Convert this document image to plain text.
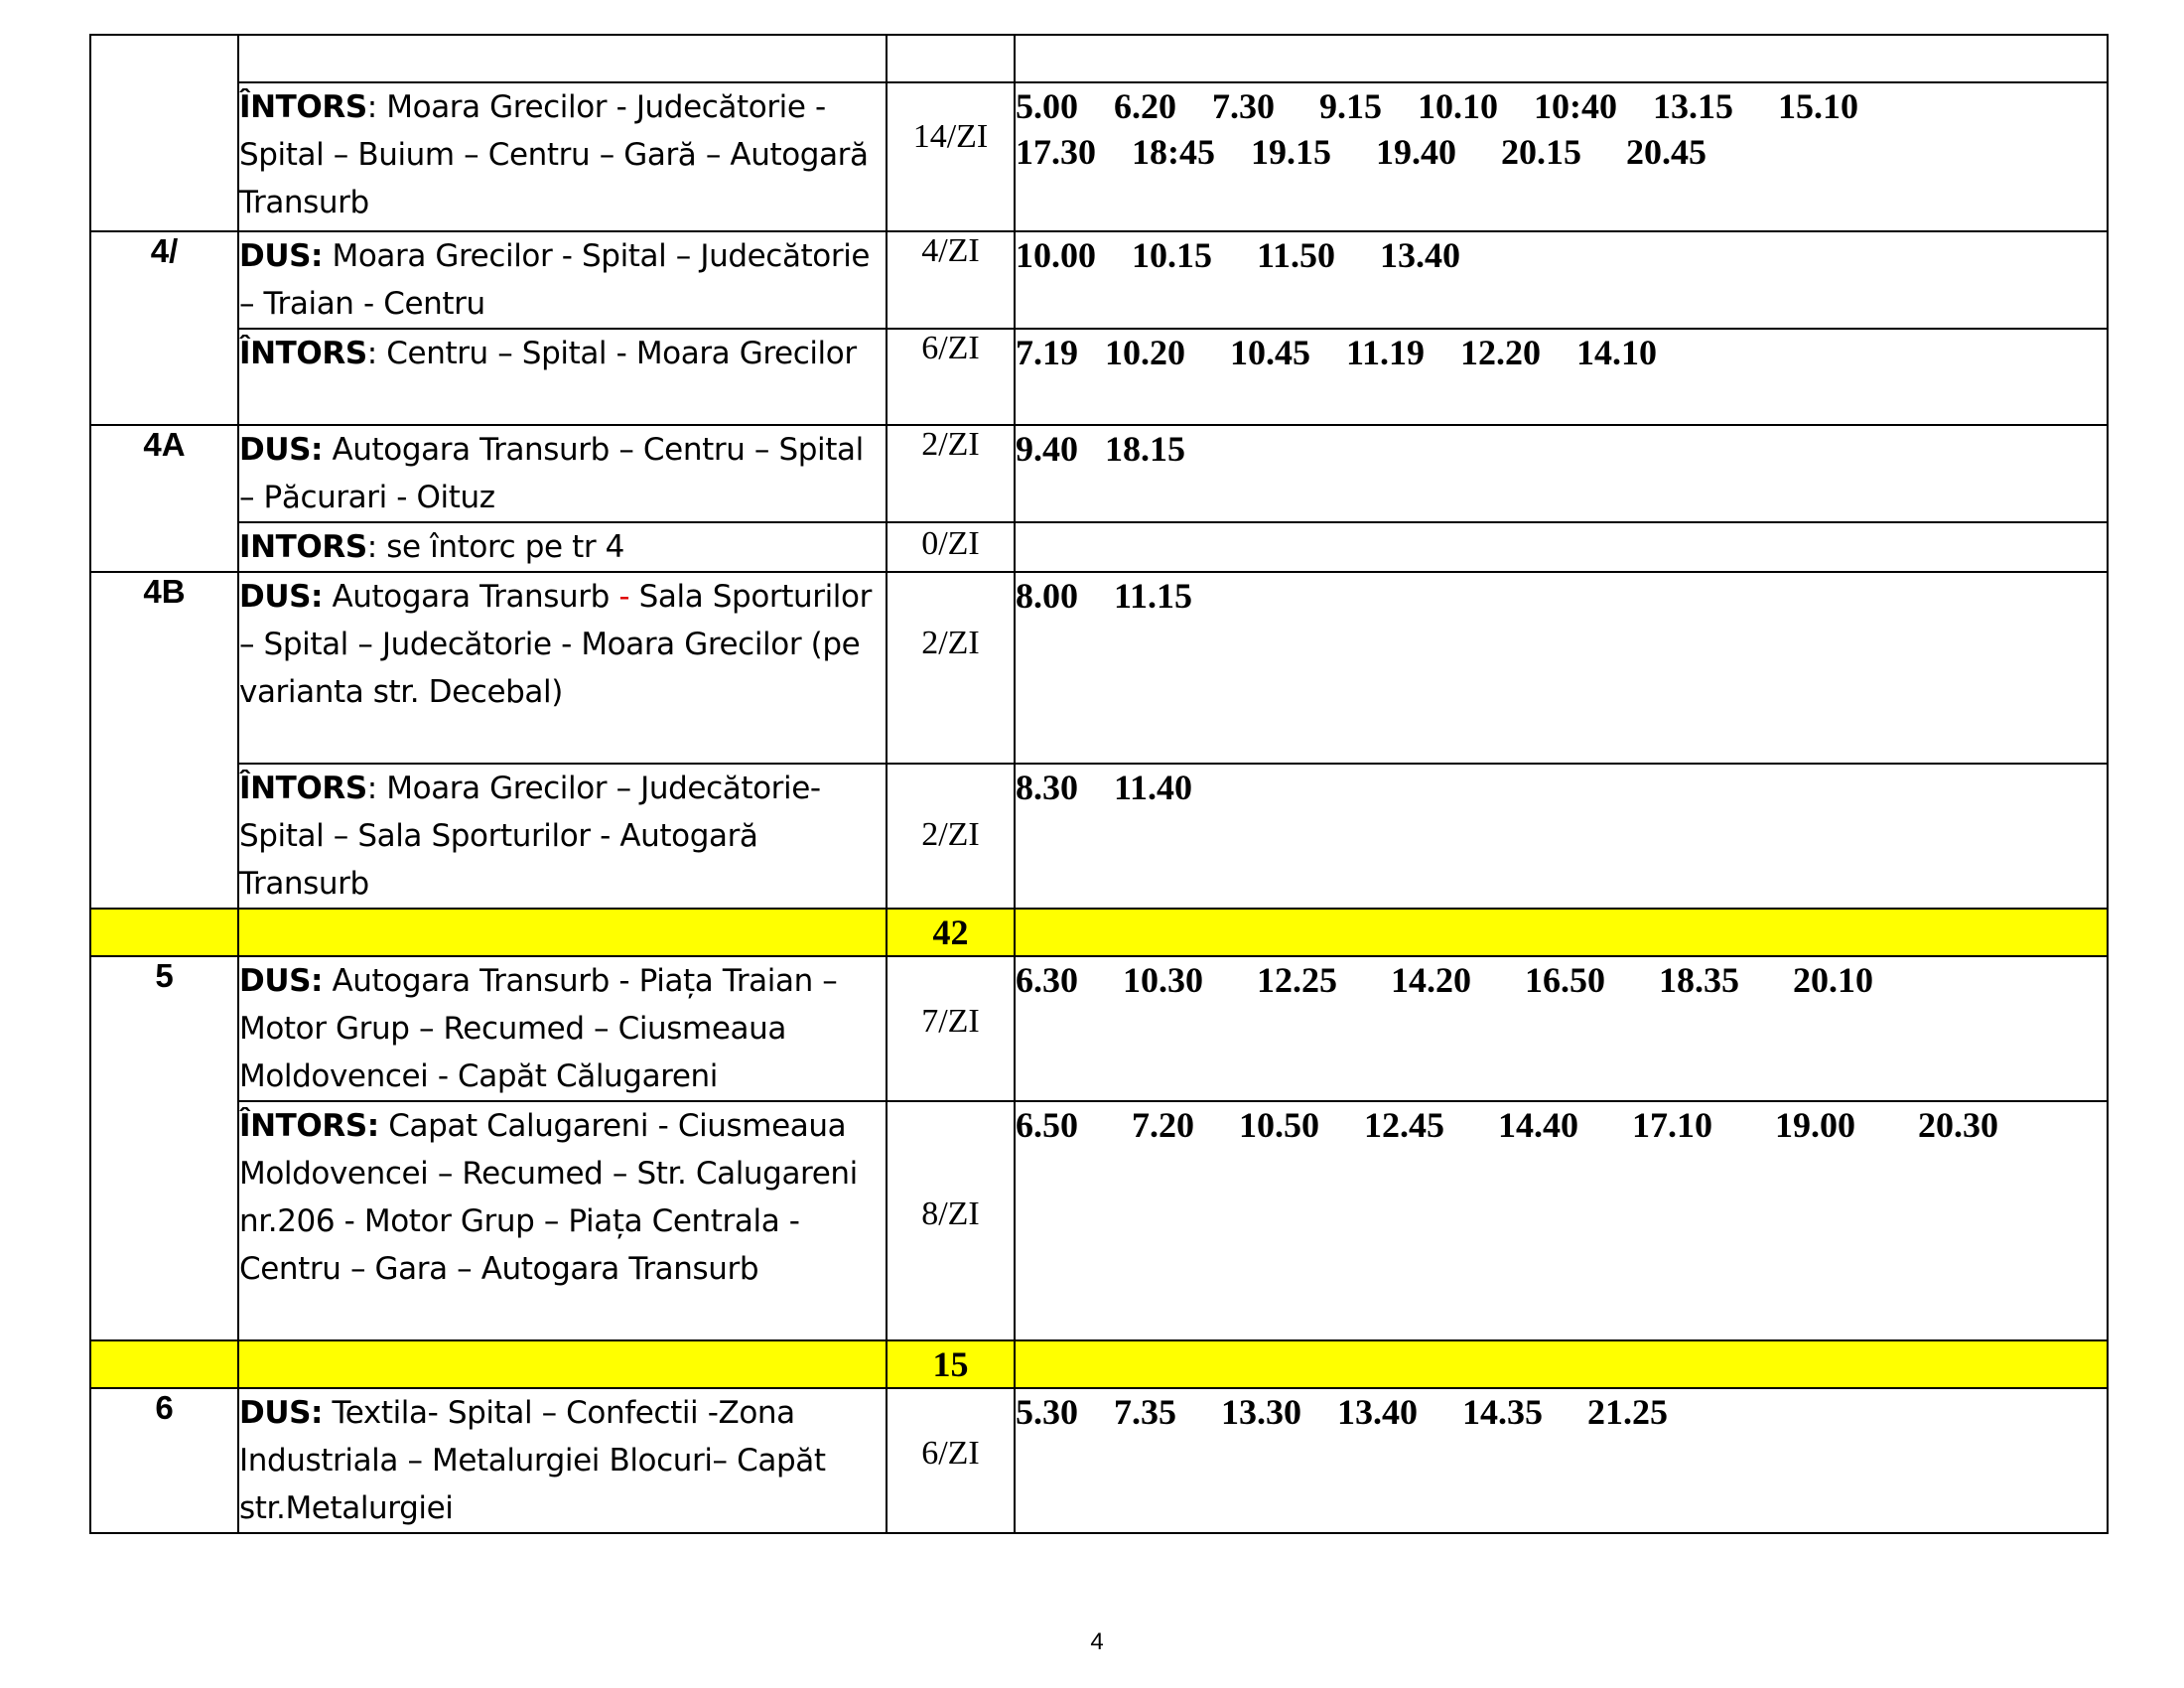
	ÎNTORS: Moara Grecilor - Judecătorie - Spital – Buium – Centru – Gară – Autogară Transurb	14/ZI	5.00    6.20    7.30     9.15    10.10    10:40    13.15     15.10
17.30    18:45    19.15     19.40     20.15     20.45
4/	DUS: Moara Grecilor - Spital – Judecătorie – Traian - Centru	4/ZI	10.00    10.15     11.50     13.40
	ÎNTORS: Centru – Spital - Moara Grecilor	6/ZI	7.19   10.20     10.45    11.19    12.20    14.10
4A	DUS: Autogara Transurb – Centru – Spital – Păcurari - Oituz	2/ZI	9.40   18.15
	INTORS: se întorc pe tr 4	0/ZI	
4B	DUS: Autogara Transurb - Sala Sporturilor – Spital – Judecătorie - Moara Grecilor (pe varianta str. Decebal)	2/ZI	8.00    11.15
	ÎNTORS: Moara Grecilor – Judecătorie- Spital – Sala Sporturilor - Autogară Transurb	2/ZI	8.30    11.40
		42	
5	DUS: Autogara Transurb - Piața Traian – Motor Grup – Recumed – Ciusmeaua Moldovencei - Capăt Călugareni	7/ZI	6.30     10.30      12.25      14.20      16.50      18.35      20.10
	ÎNTORS: Capat Calugareni - Ciusmeaua Moldovencei – Recumed – Str. Calugareni nr.206 - Motor Grup – Piața Centrala - Centru – Gara – Autogara Transurb	8/ZI	6.50      7.20     10.50     12.45      14.40      17.10       19.00       20.30
		15	
6	DUS: Textila- Spital – Confectii -Zona Industriala – Metalurgiei Blocuri– Capăt str.Metalurgiei	6/ZI	5.30    7.35     13.30    13.40     14.35     21.25
4
